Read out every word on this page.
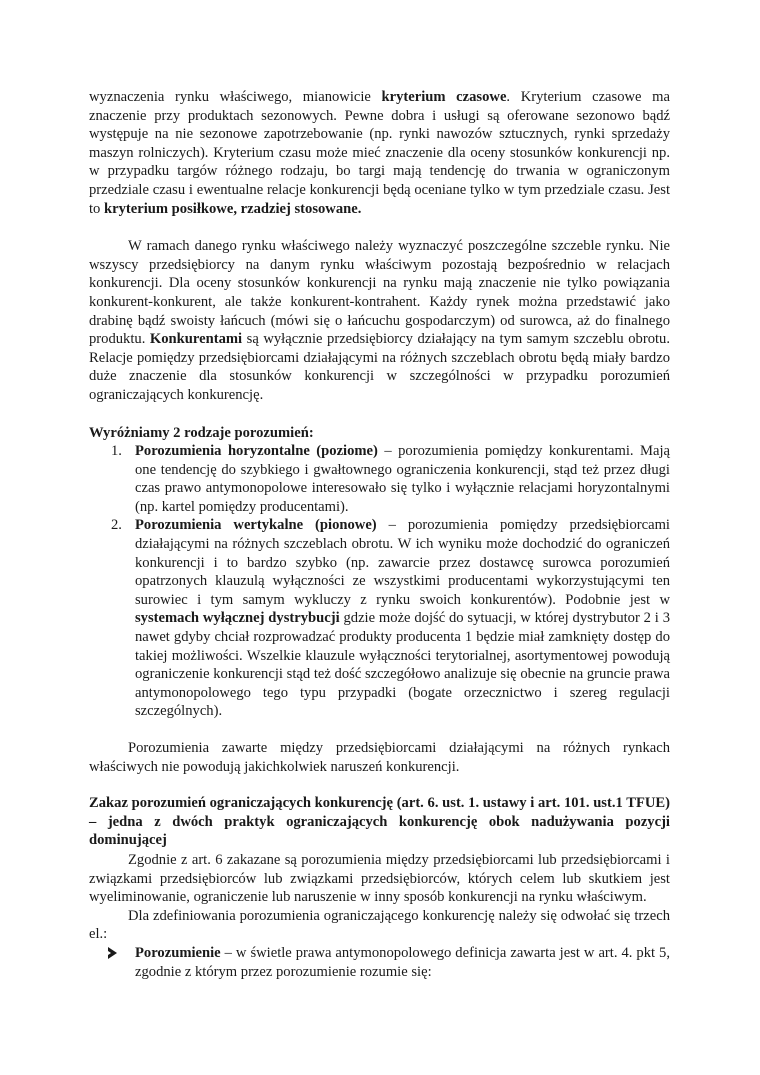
wyznaczenia rynku właściwego, mianowicie kryterium czasowe. Kryterium czasowe ma znaczenie przy produktach sezonowych. Pewne dobra i usługi są oferowane sezonowo bądź występuje na nie sezonowe zapotrzebowanie (np. rynki nawozów sztucznych, rynki sprzedaży maszyn rolniczych). Kryterium czasu może mieć znaczenie dla oceny stosunków konkurencji np. w przypadku targów różnego rodzaju, bo targi mają tendencję do trwania w ograniczonym przedziale czasu i ewentualne relacje konkurencji będą oceniane tylko w tym przedziale czasu. Jest to kryterium posiłkowe, rzadziej stosowane.

W ramach danego rynku właściwego należy wyznaczyć poszczególne szczeble rynku. Nie wszyscy przedsiębiorcy na danym rynku właściwym pozostają bezpośrednio w relacjach konkurencji. Dla oceny stosunków konkurencji na rynku mają znaczenie nie tylko powiązania konkurent-konkurent, ale także konkurent-kontrahent. Każdy rynek można przedstawić jako drabinę bądź swoisty łańcuch (mówi się o łańcuchu gospodarczym) od surowca, aż do finalnego produktu. Konkurentami są wyłącznie przedsiębiorcy działający na tym samym szczeblu obrotu. Relacje pomiędzy przedsiębiorcami działającymi na różnych szczeblach obrotu będą miały bardzo duże znaczenie dla stosunków konkurencji w szczególności w przypadku porozumień ograniczających konkurencję.

Wyróżniamy 2 rodzaje porozumień:

1. Porozumienia horyzontalne (poziome) – porozumienia pomiędzy konkurentami. Mają one tendencję do szybkiego i gwałtownego ograniczenia konkurencji, stąd też przez długi czas prawo antymonopolowe interesowało się tylko i wyłącznie relacjami horyzontalnymi (np. kartel pomiędzy producentami).
2. Porozumienia wertykalne (pionowe) – porozumienia pomiędzy przedsiębiorcami działającymi na różnych szczeblach obrotu. W ich wyniku może dochodzić do ograniczeń konkurencji i to bardzo szybko (np. zawarcie przez dostawcę surowca porozumień opatrzonych klauzulą wyłączności ze wszystkimi producentami wykorzystującymi ten surowiec i tym samym wykluczy z rynku swoich konkurentów). Podobnie jest w systemach wyłącznej dystrybucji gdzie może dojść do sytuacji, w której dystrybutor 2 i 3 nawet gdyby chciał rozprowadzać produkty producenta 1 będzie miał zamknięty dostęp do takiej możliwości. Wszelkie klauzule wyłączności terytorialnej, asortymentowej powodują ograniczenie konkurencji stąd też dość szczegółowo analizuje się obecnie na gruncie prawa antymonopolowego tego typu przypadki (bogate orzecznictwo i szereg regulacji szczególnych).

Porozumienia zawarte między przedsiębiorcami działającymi na różnych rynkach właściwych nie powodują jakichkolwiek naruszeń konkurencji.

Zakaz porozumień ograniczających konkurencję (art. 6. ust. 1. ustawy i art. 101. ust.1 TFUE) – jedna z dwóch praktyk ograniczających konkurencję obok nadużywania pozycji dominującej

Zgodnie z art. 6 zakazane są porozumienia między przedsiębiorcami lub przedsiębiorcami i związkami przedsiębiorców lub związkami przedsiębiorców, których celem lub skutkiem jest wyeliminowanie, ograniczenie lub naruszenie w inny sposób konkurencji na rynku właściwym.

Dla zdefiniowania porozumienia ograniczającego konkurencję należy się odwołać się trzech el.:

Porozumienie – w świetle prawa antymonopolowego definicja zawarta jest w art. 4. pkt 5, zgodnie z którym przez porozumienie rozumie się:
